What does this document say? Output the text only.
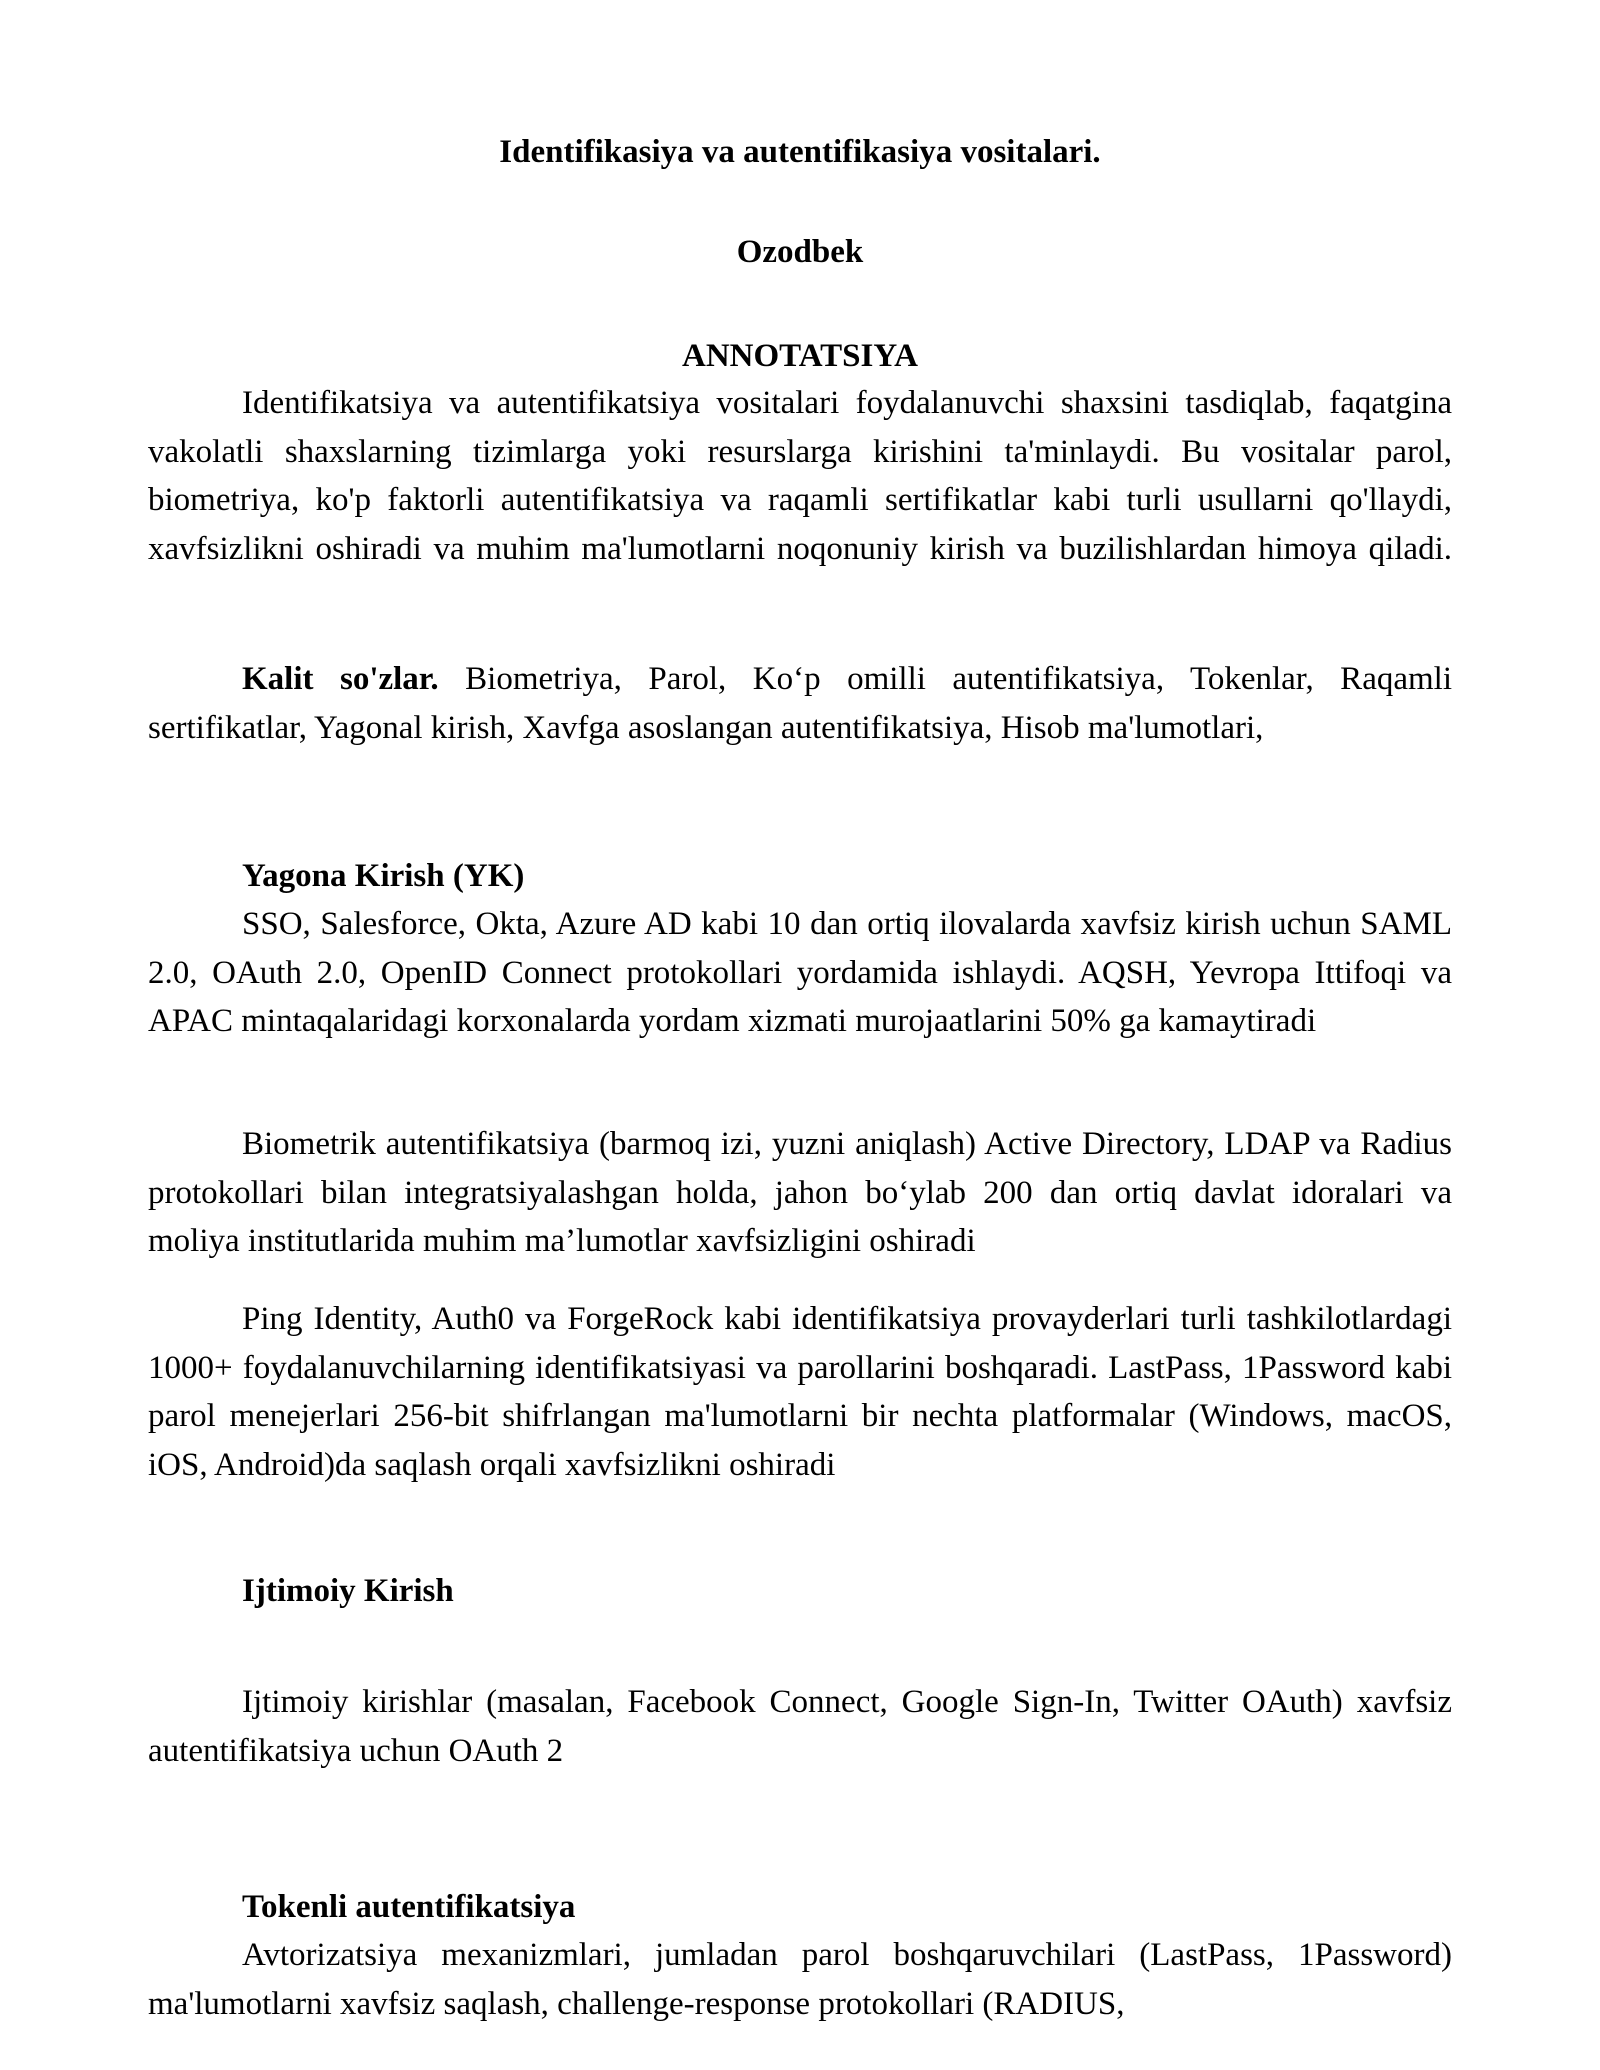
Identifikasiya va autentifikasiya vositalari.
Ozodbek
ANNOTATSIYA

Identifikatsiya va autentifikatsiya vositalari foydalanuvchi shaxsini tasdiqlab, faqatgina vakolatli shaxslarning tizimlarga yoki resurslarga kirishini ta'minlaydi. Bu vositalar parol, biometriya, ko'p faktorli autentifikatsiya va raqamli sertifikatlar kabi turli usullarni qo'llaydi, xavfsizlikni oshiradi va muhim ma'lumotlarni noqonuniy kirish va buzilishlardan himoya qiladi.

Kalit so'zlar. Biometriya, Parol, Ko‘p omilli autentifikatsiya, Tokenlar, Raqamli sertifikatlar, Yagonal kirish, Xavfga asoslangan autentifikatsiya, Hisob ma'lumotlari,

Yagona Kirish (YK)

SSO, Salesforce, Okta, Azure AD kabi 10 dan ortiq ilovalarda xavfsiz kirish uchun SAML 2.0, OAuth 2.0, OpenID Connect protokollari yordamida ishlaydi. AQSH, Yevropa Ittifoqi va APAC mintaqalaridagi korxonalarda yordam xizmati murojaatlarini 50% ga kamaytiradi

Biometrik autentifikatsiya (barmoq izi, yuzni aniqlash) Active Directory, LDAP va Radius protokollari bilan integratsiyalashgan holda, jahon bo‘ylab 200 dan ortiq davlat idoralari va moliya institutlarida muhim ma’lumotlar xavfsizligini oshiradi

Ping Identity, Auth0 va ForgeRock kabi identifikatsiya provayderlari turli tashkilotlardagi 1000+ foydalanuvchilarning identifikatsiyasi va parollarini boshqaradi. LastPass, 1Password kabi parol menejerlari 256-bit shifrlangan ma'lumotlarni bir nechta platformalar (Windows, macOS, iOS, Android)da saqlash orqali xavfsizlikni oshiradi

Ijtimoiy Kirish

Ijtimoiy kirishlar (masalan, Facebook Connect, Google Sign-In, Twitter OAuth) xavfsiz autentifikatsiya uchun OAuth 2

Tokenli autentifikatsiya

Avtorizatsiya mexanizmlari, jumladan parol boshqaruvchilari (LastPass, 1Password) ma'lumotlarni xavfsiz saqlash, challenge-response protokollari (RADIUS,
